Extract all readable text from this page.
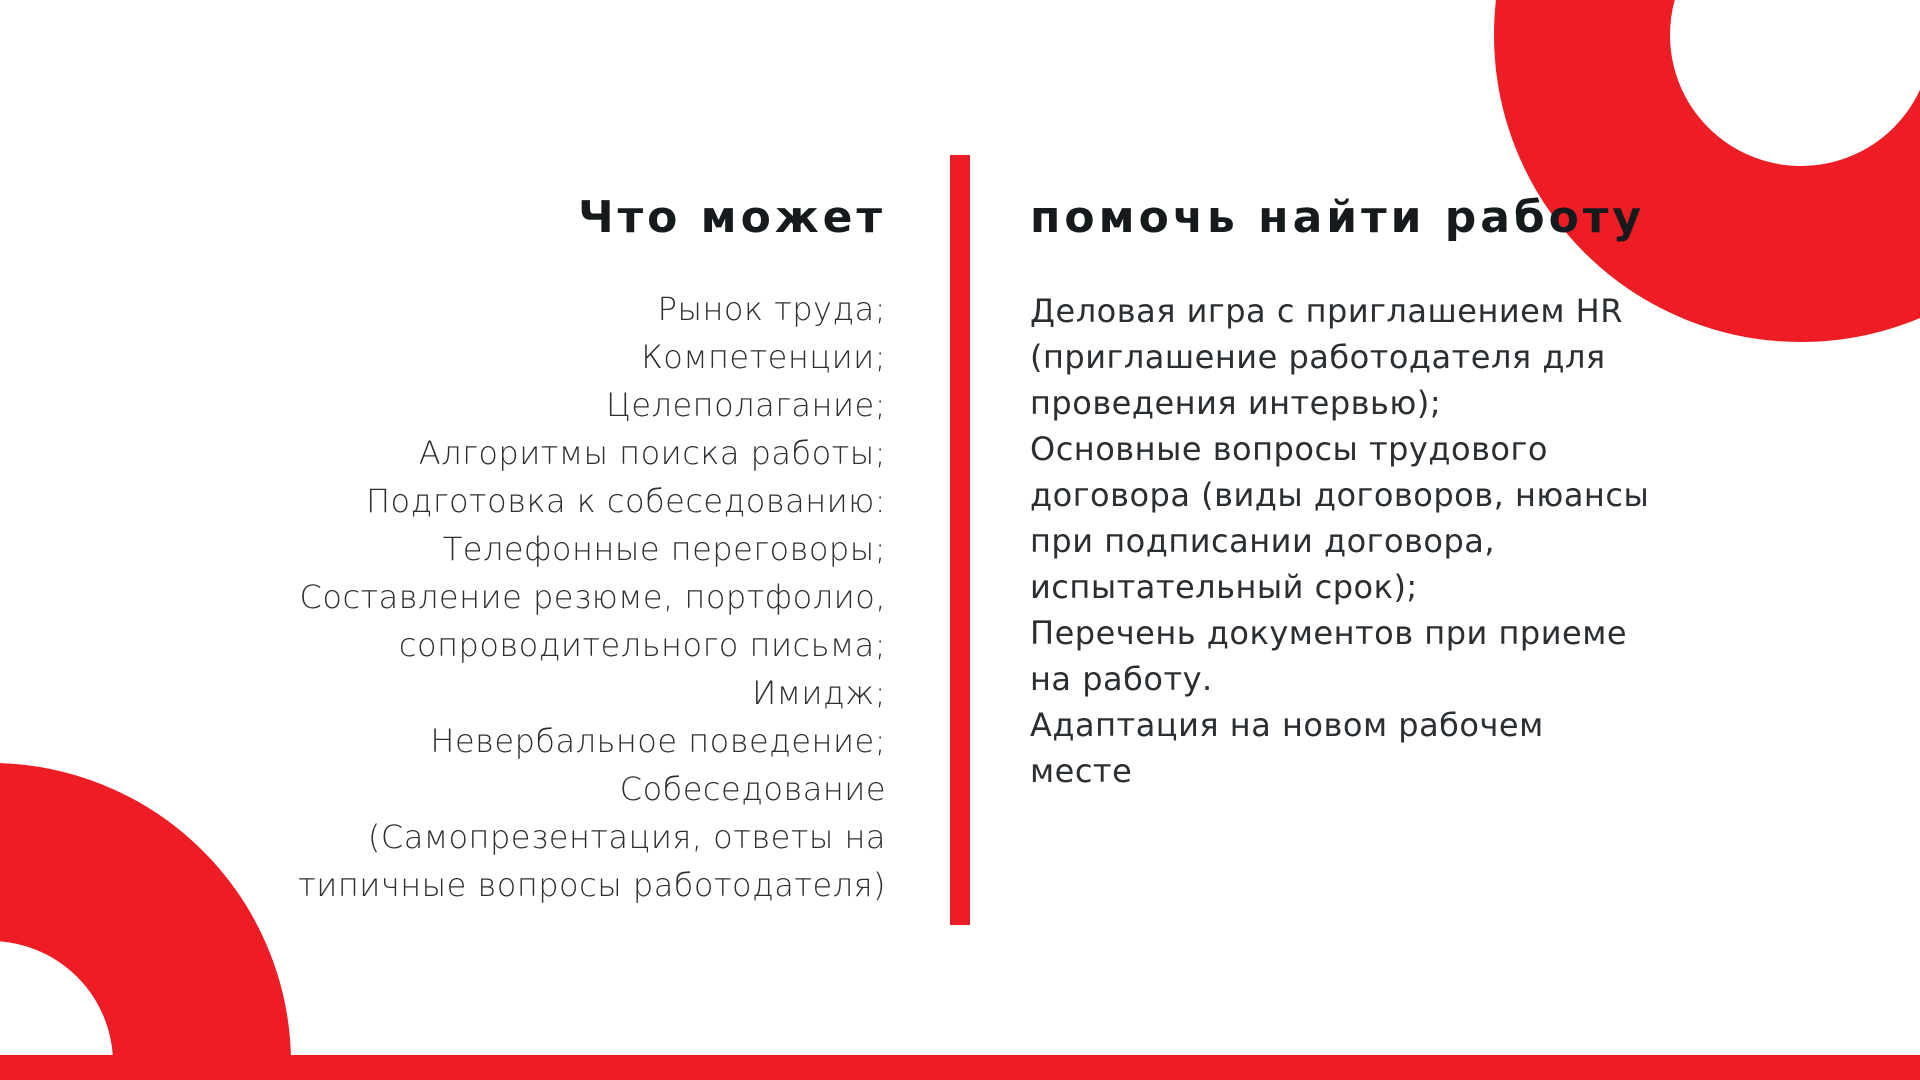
Что может	помочь найти работу
Рынок труда;
Компетенции;
Целеполагание;
Алгоритмы поиска работы;
Подготовка к собеседованию:
Телефонные переговоры;
Составление резюме, портфолио,
сопроводительного письма;
Имидж;
Невербальное поведение;
Собеседование
(Самопрезентация, ответы на
типичные вопросы работодателя)
Деловая игра с приглашением HR
(приглашение работодателя для
проведения интервью);
Основные вопросы трудового
договора (виды договоров, нюансы
при подписании договора,
испытательный срок);
Перечень документов при приеме
на работу.
Адаптация на новом рабочем
месте
